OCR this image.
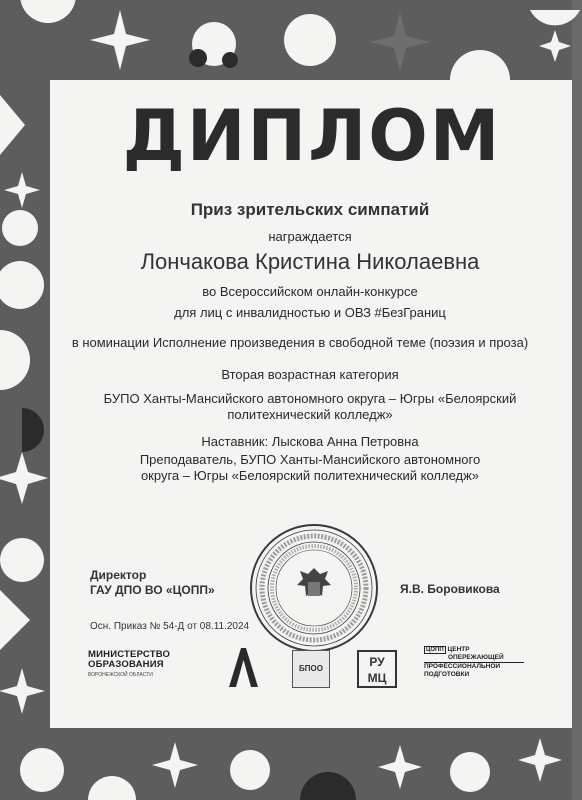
ДИПЛОМ
Приз зрительских симпатий
награждается
Лончакова Кристина Николаевна
во Всероссийском онлайн-конкурсе
для лиц с инвалидностью и ОВЗ #БезГраниц
в номинации Исполнение произведения в свободной теме (поэзия и проза)
Вторая возрастная категория
БУПО Ханты-Мансийского автономного округа – Югры «Белоярский
политехнический колледж»
Наставник: Лыскова Анна Петровна
Преподаватель, БУПО Ханты-Мансийского автономного
округа – Югры «Белоярский политехнический колледж»
Директор
ГАУ ДПО ВО «ЦОПП»	Я.В. Боровикова
Осн. Приказ № 54-Д от 08.11.2024
МИНИСТЕРСТВО
ОБРАЗОВАНИЯ
ВОРОНЕЖСКОЙ ОБЛАСТИ
БПОО	РУ
МЦ
ЦОПП ЦЕНТР
ОПЕРЕЖАЮЩЕЙ
ПРОФЕССИОНАЛЬНОЙ
ПОДГОТОВКИ
